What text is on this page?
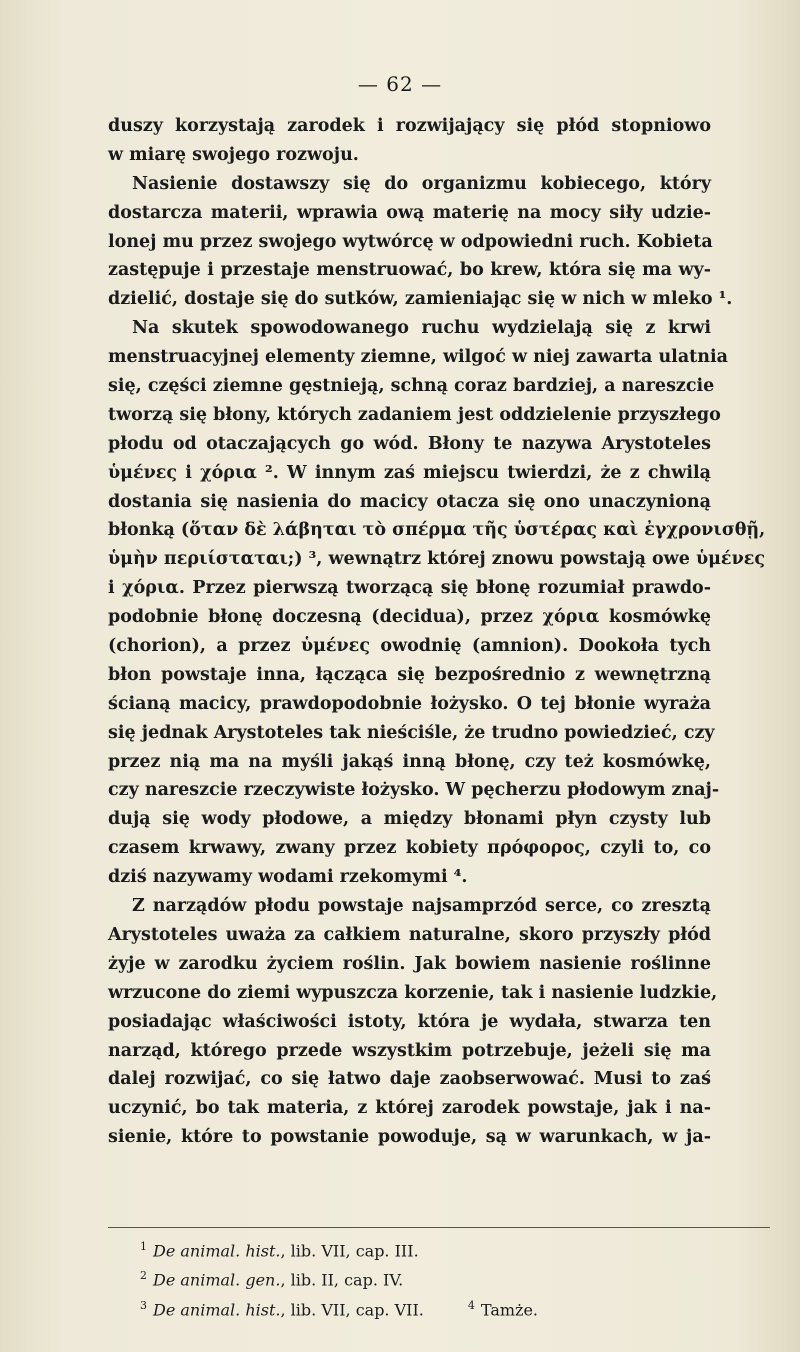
— 62 —
duszy korzystają zarodek i rozwijający się płód stopniowo
w miarę swojego rozwoju.
Nasienie dostawszy się do organizmu kobiecego, który
dostarcza materii, wprawia ową materię na mocy siły udzie-
lonej mu przez swojego wytwórcę w odpowiedni ruch. Kobieta
zastępuje i przestaje menstruować, bo krew, która się ma wy-
dzielić, dostaje się do sutków, zamieniając się w nich w mleko ¹.
Na skutek spowodowanego ruchu wydzielają się z krwi
menstruacyjnej elementy ziemne, wilgoć w niej zawarta ulatnia
się, części ziemne gęstnieją, schną coraz bardziej, a nareszcie
tworzą się błony, których zadaniem jest oddzielenie przyszłego
płodu od otaczających go wód. Błony te nazywa Arystoteles
ὑμένες i χόρια ². W innym zaś miejscu twierdzi, że z chwilą
dostania się nasienia do macicy otacza się ono unaczynioną
błonką (ὅταν δὲ λάβηται τὸ σπέρμα τῆς ὑστέρας καὶ ἐγχρονισθῇ,
ὑμὴν περιίσταται;) ³, wewnątrz której znowu powstają owe ὑμένες
i χόρια. Przez pierwszą tworzącą się błonę rozumiał prawdo-
podobnie błonę doczesną (decidua), przez χόρια kosmówkę
(chorion), a przez ὑμένες owodnię (amnion). Dookoła tych
błon powstaje inna, łącząca się bezpośrednio z wewnętrzną
ścianą macicy, prawdopodobnie łożysko. O tej błonie wyraża
się jednak Arystoteles tak nieściśle, że trudno powiedzieć, czy
przez nią ma na myśli jakąś inną błonę, czy też kosmówkę,
czy nareszcie rzeczywiste łożysko. W pęcherzu płodowym znaj-
dują się wody płodowe, a między błonami płyn czysty lub
czasem krwawy, zwany przez kobiety πρόφορος, czyli to, co
dziś nazywamy wodami rzekomymi ⁴.
Z narządów płodu powstaje najsamprzód serce, co zresztą
Arystoteles uważa za całkiem naturalne, skoro przyszły płód
żyje w zarodku życiem roślin. Jak bowiem nasienie roślinne
wrzucone do ziemi wypuszcza korzenie, tak i nasienie ludzkie,
posiadając właściwości istoty, która je wydała, stwarza ten
narząd, którego przede wszystkim potrzebuje, jeżeli się ma
dalej rozwijać, co się łatwo daje zaobserwować. Musi to zaś
uczynić, bo tak materia, z której zarodek powstaje, jak i na-
sienie, które to powstanie powoduje, są w warunkach, w ja-
$^1$ De animal. hist., lib. VII, cap. III.
$^2$ De animal. gen., lib. II, cap. IV.
$^3$ De animal. hist., lib. VII, cap. VII.	$^4$ Tamże.
